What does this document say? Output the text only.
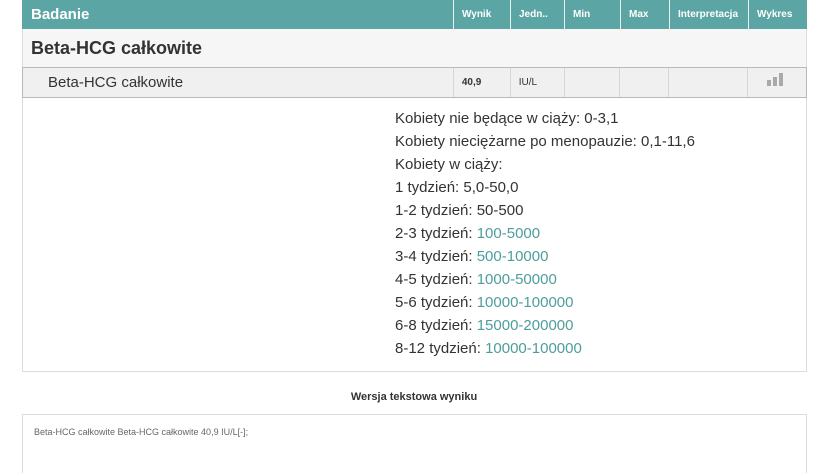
Badanie	Wynik	Jedn..	Min	Max	Interpretacja	Wykres
Beta-HCG całkowite
Beta-HCG całkowite	40,9	IU/L
Kobiety nie będące w ciąży: 0-3,1
Kobiety nieciężarne po menopauzie: 0,1-11,6
Kobiety w ciąży:
1 tydzień: 5,0-50,0
1-2 tydzień: 50-500
2-3 tydzień: 100-5000
3-4 tydzień: 500-10000
4-5 tydzień: 1000-50000
5-6 tydzień: 10000-100000
6-8 tydzień: 15000-200000
8-12 tydzień: 10000-100000
Wersja tekstowa wyniku
Beta-HCG całkowite Beta-HCG całkowite 40,9 IU/L[-];
